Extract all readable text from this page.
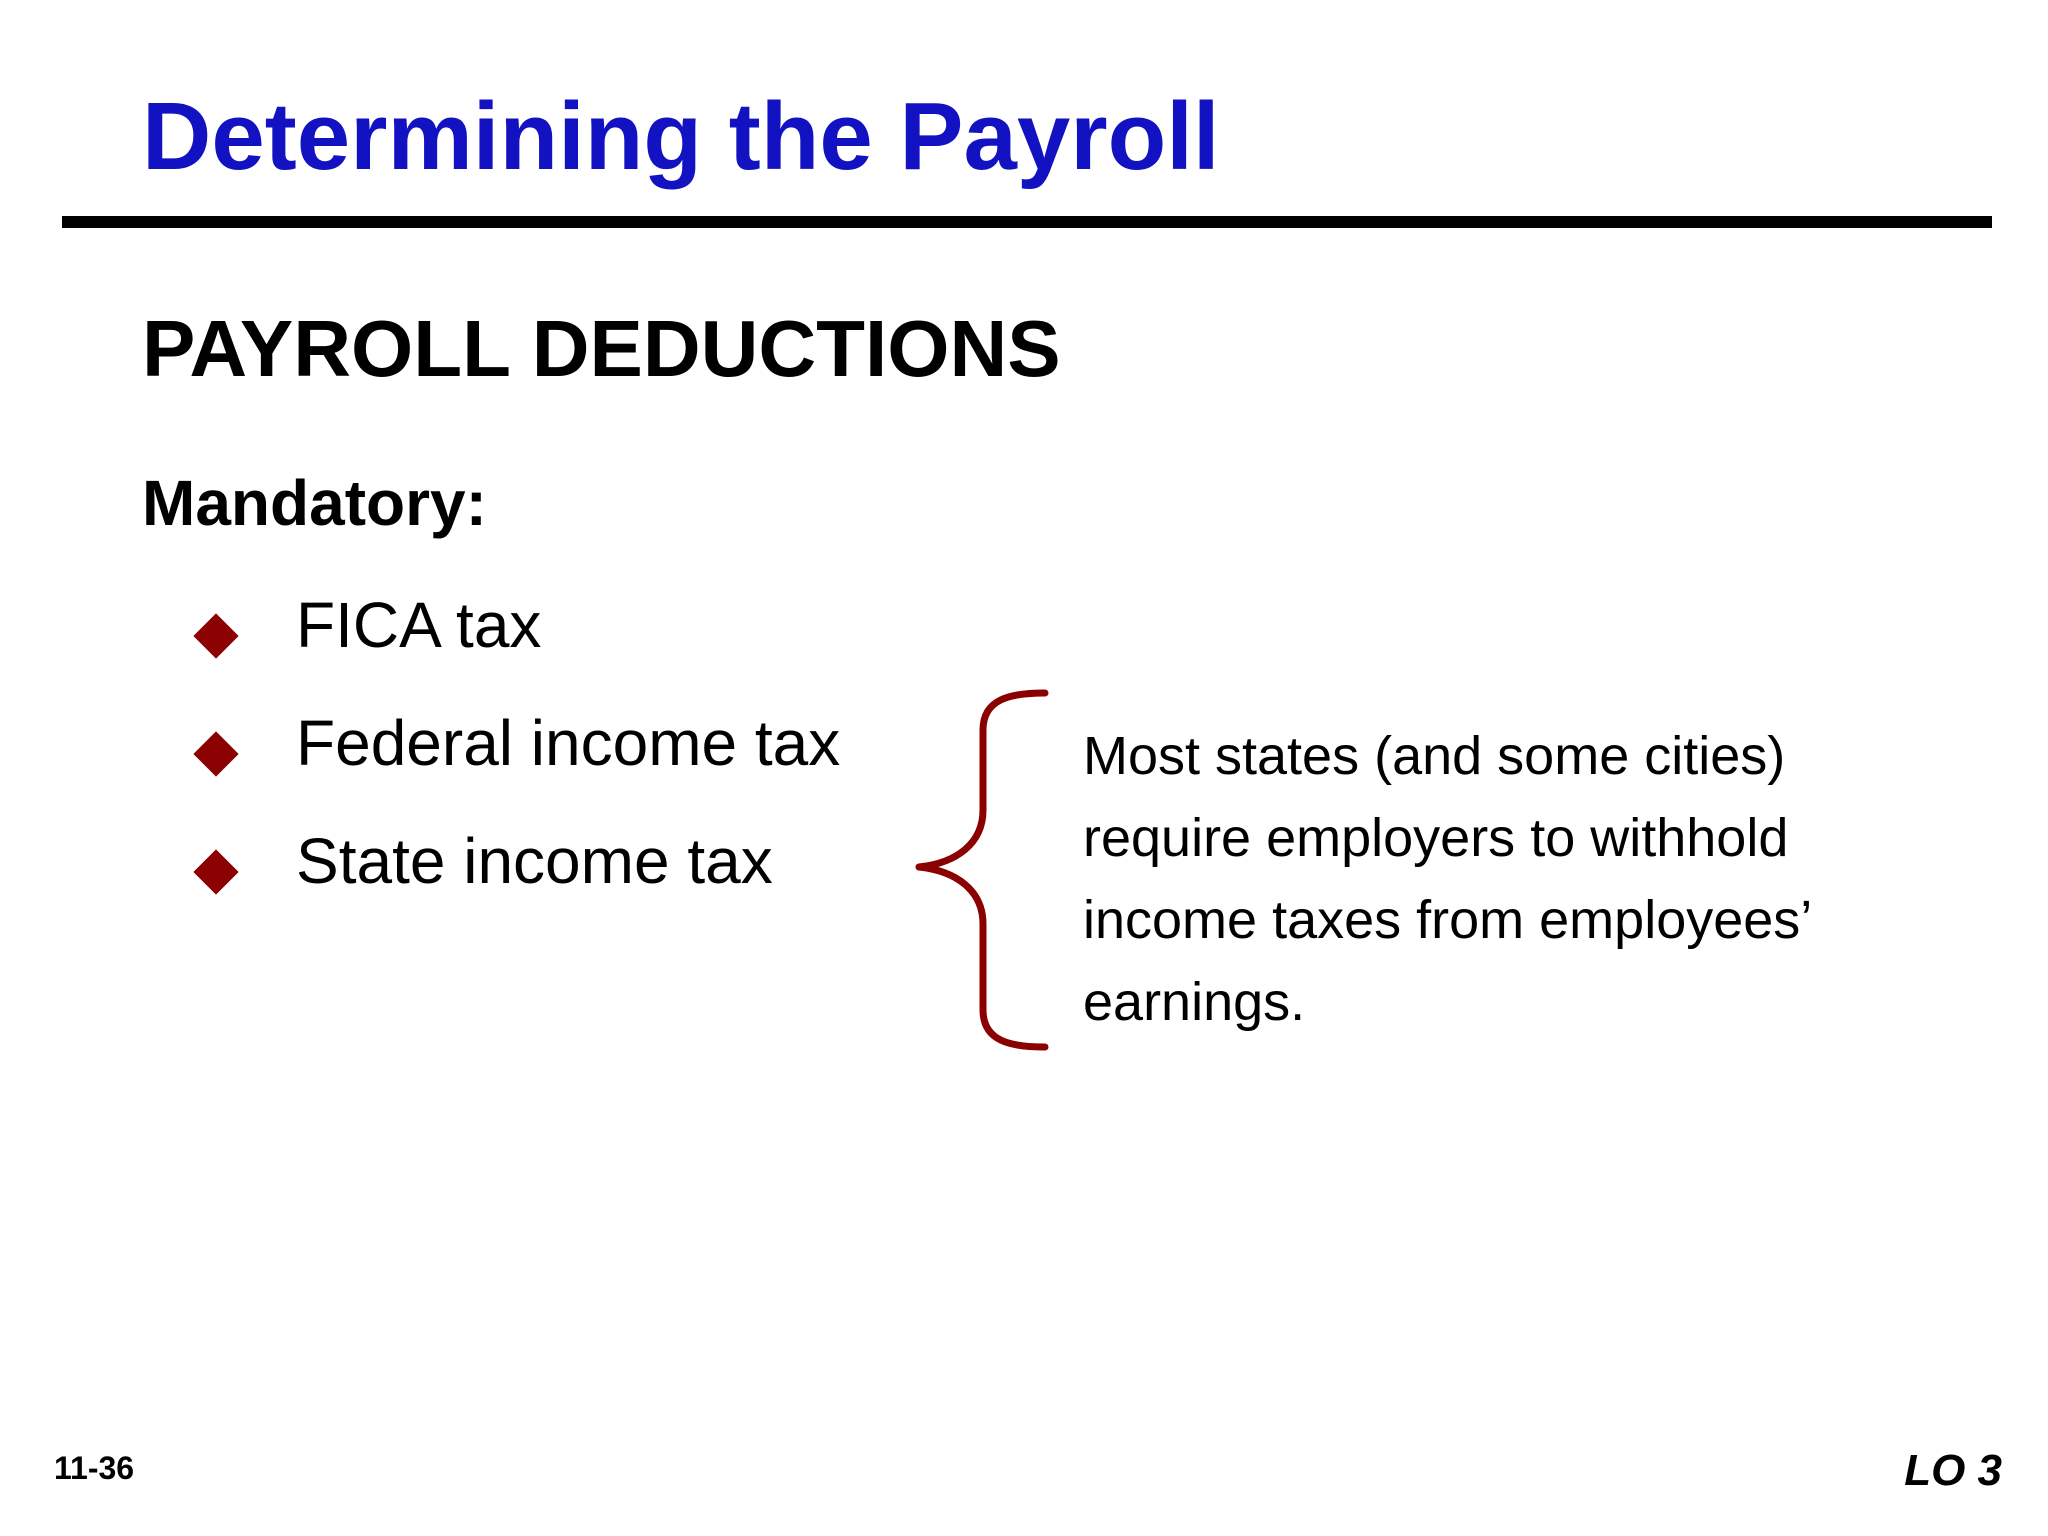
Determining the Payroll
PAYROLL DEDUCTIONS
Mandatory:
FICA tax
Federal income tax
State income tax
Most states (and some cities) require employers to withhold income taxes from employees’ earnings.
11-36	LO 3
